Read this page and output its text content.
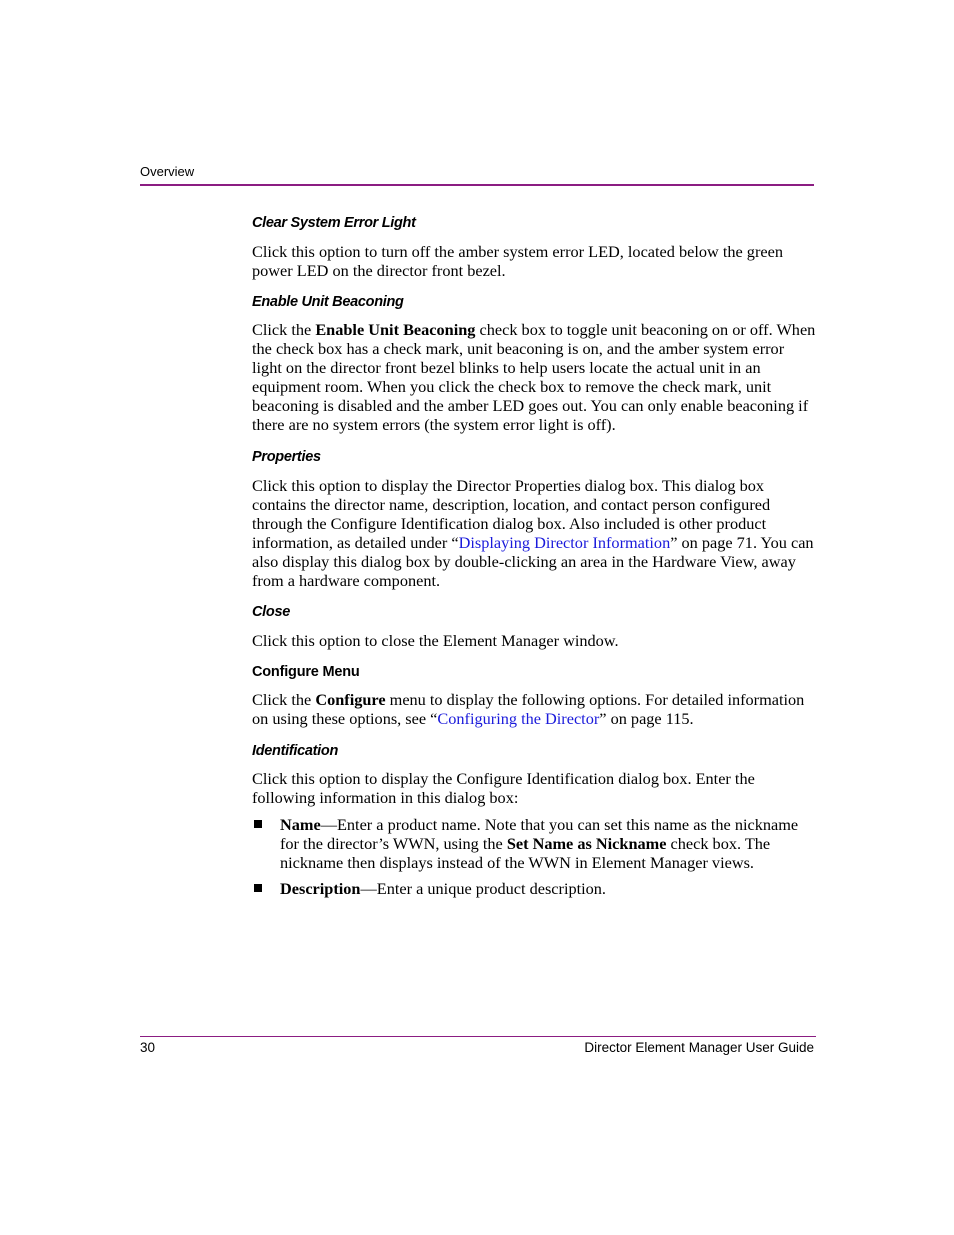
Overview
Clear System Error Light

Click this option to turn off the amber system error LED, located below the green power LED on the director front bezel.

Enable Unit Beaconing

Click the Enable Unit Beaconing check box to toggle unit beaconing on or off. When the check box has a check mark, unit beaconing is on, and the amber system error light on the director front bezel blinks to help users locate the actual unit in an equipment room. When you click the check box to remove the check mark, unit beaconing is disabled and the amber LED goes out. You can only enable beaconing if there are no system errors (the system error light is off).

Properties

Click this option to display the Director Properties dialog box. This dialog box contains the director name, description, location, and contact person configured through the Configure Identification dialog box. Also included is other product information, as detailed under “Displaying Director Information” on page 71. You can also display this dialog box by double-clicking an area in the Hardware View, away from a hardware component.

Close

Click this option to close the Element Manager window.

Configure Menu

Click the Configure menu to display the following options. For detailed information on using these options, see “Configuring the Director” on page 115.

Identification

Click this option to display the Configure Identification dialog box. Enter the following information in this dialog box:

Name—Enter a product name. Note that you can set this name as the nickname for the director’s WWN, using the Set Name as Nickname check box. The nickname then displays instead of the WWN in Element Manager views.
Description—Enter a unique product description.
30	Director Element Manager User Guide
